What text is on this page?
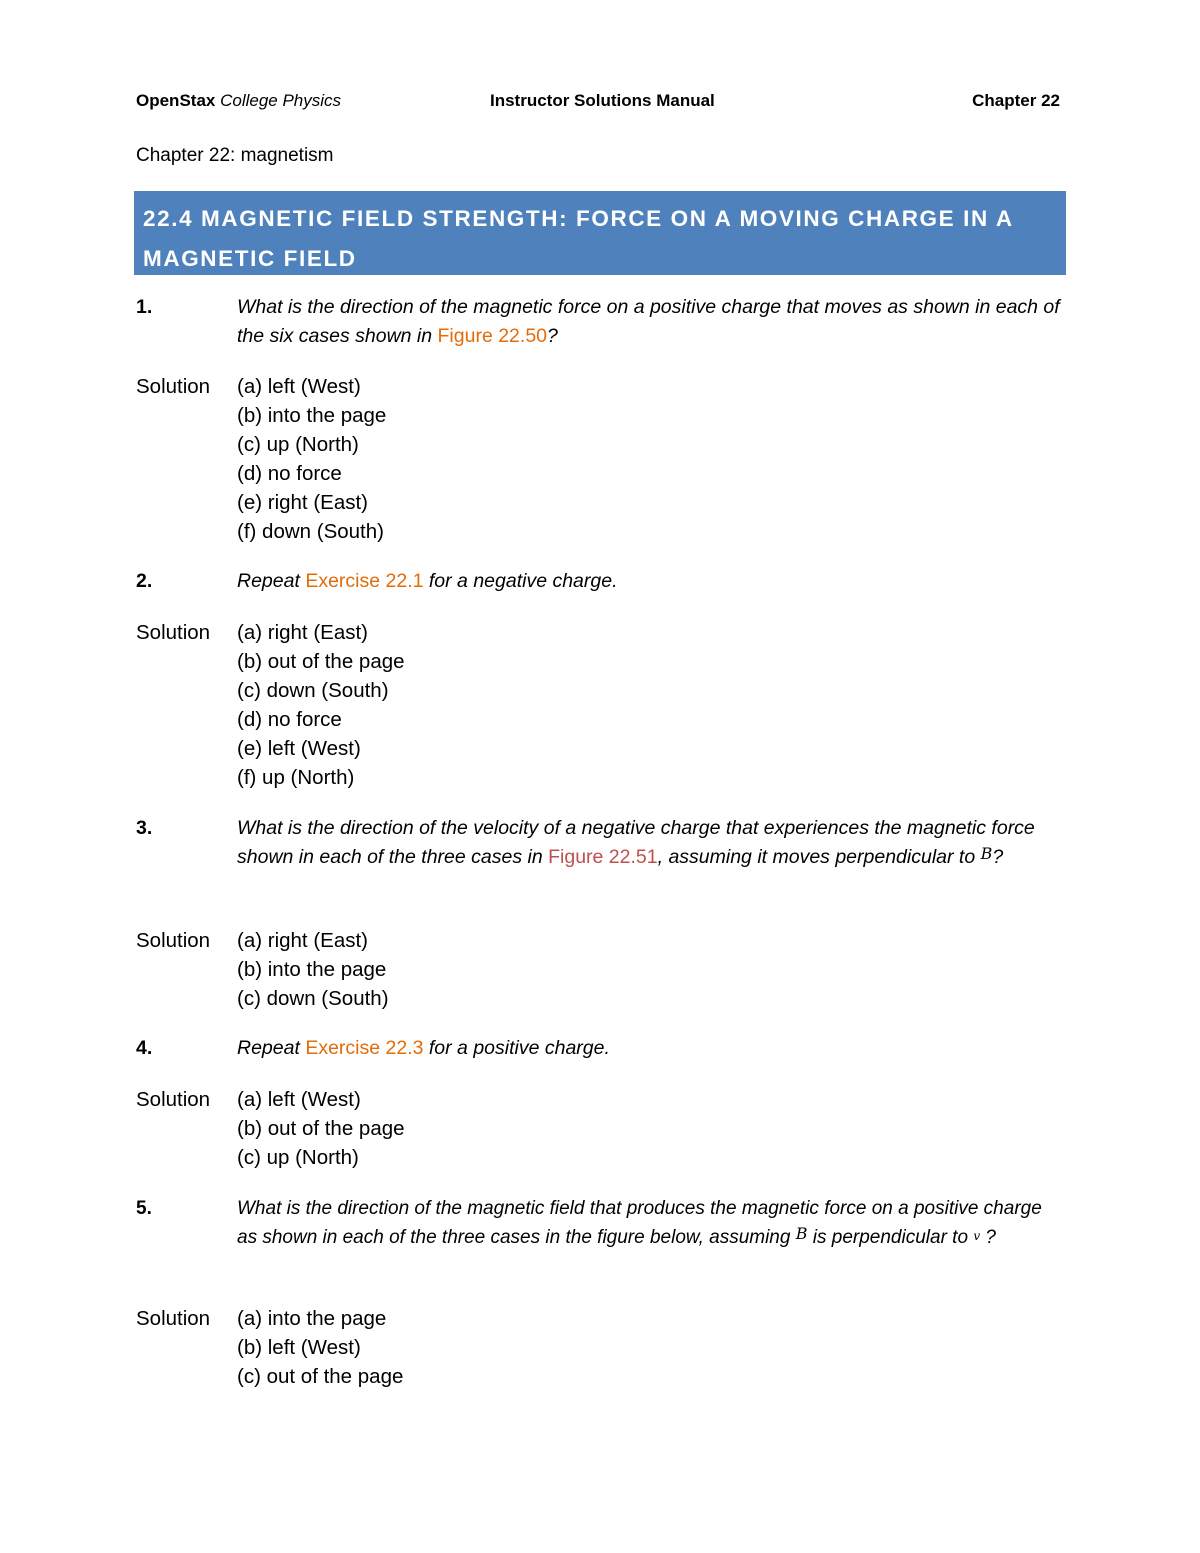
OpenStax College Physics	Instructor Solutions Manual	Chapter 22
Chapter 22: magnetism
22.4 MAGNETIC FIELD STRENGTH: FORCE ON A MOVING CHARGE IN A MAGNETIC FIELD
1.	What is the direction of the magnetic force on a positive charge that moves as shown in each of the six cases shown in Figure 22.50?
Solution (a) left (West)
(b) into the page
(c) up (North)
(d) no force
(e) right (East)
(f) down (South)
2.	Repeat Exercise 22.1 for a negative charge.
Solution (a) right (East)
(b) out of the page
(c) down (South)
(d) no force
(e) left (West)
(f) up (North)
3.	What is the direction of the velocity of a negative charge that experiences the magnetic force shown in each of the three cases in Figure 22.51, assuming it moves perpendicular to $^B$?
Solution (a) right (East)
(b) into the page
(c) down (South)
4.	Repeat Exercise 22.3 for a positive charge.
Solution (a) left (West)
(b) out of the page
(c) up (North)
5.	What is the direction of the magnetic field that produces the magnetic force on a positive charge as shown in each of the three cases in the figure below, assuming $^B$ is perpendicular to v ?
Solution (a) into the page
(b) left (West)
(c) out of the page
